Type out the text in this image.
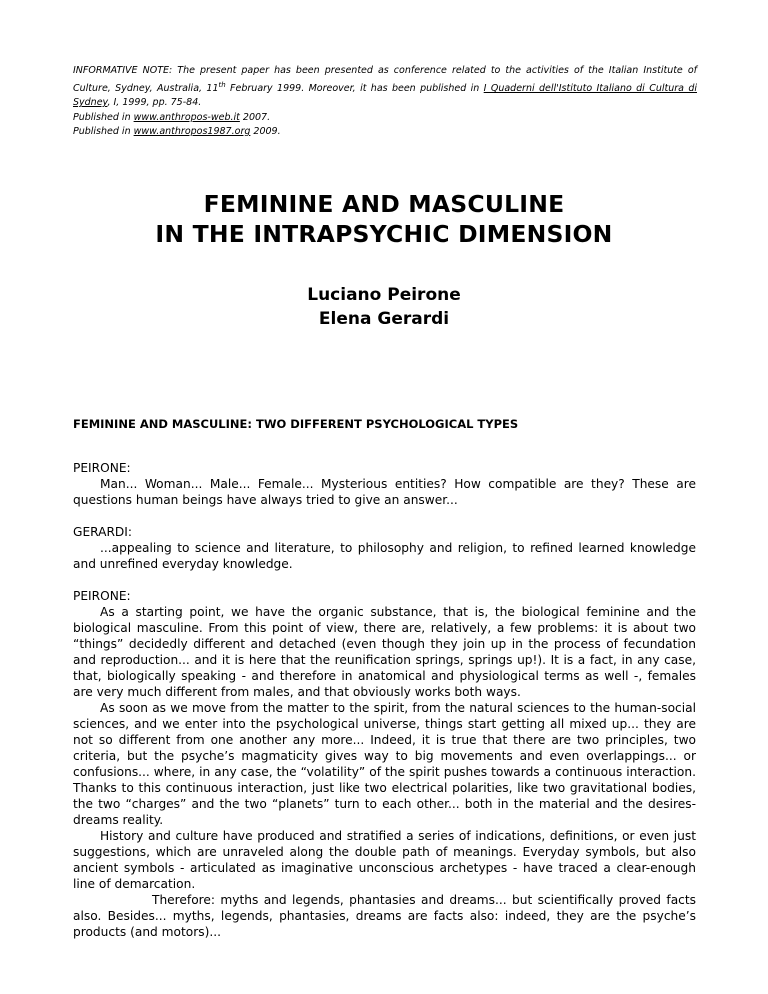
INFORMATIVE NOTE: The present paper has been presented as conference related to the activities of the Italian Institute of Culture, Sydney, Australia, 11th February 1999. Moreover, it has been published in I Quaderni dell'Istituto Italiano di Cultura di Sydney, I, 1999, pp. 75-84.
Published in www.anthropos-web.it 2007.
Published in www.anthropos1987.org 2009.
FEMININE AND MASCULINE
IN THE INTRAPSYCHIC DIMENSION
Luciano Peirone
Elena Gerardi
FEMININE AND MASCULINE: TWO DIFFERENT PSYCHOLOGICAL TYPES
PEIRONE:

Man... Woman... Male... Female... Mysterious entities? How compatible are they? These are questions human beings have always tried to give an answer...

GERARDI:

...appealing to science and literature, to philosophy and religion, to refined learned knowledge and unrefined everyday knowledge.

PEIRONE:

As a starting point, we have the organic substance, that is, the biological feminine and the biological masculine. From this point of view, there are, relatively, a few problems: it is about two “things” decidedly different and detached (even though they join up in the process of fecundation and reproduction... and it is here that the reunification springs, springs up!). It is a fact, in any case, that, biologically speaking - and therefore in anatomical and physiological terms as well -, females are very much different from males, and that obviously works both ways.

As soon as we move from the matter to the spirit, from the natural sciences to the human-social sciences, and we enter into the psychological universe, things start getting all mixed up... they are not so different from one another any more... Indeed, it is true that there are two principles, two criteria, but the psyche’s magmaticity gives way to big movements and even overlappings... or confusions... where, in any case, the “volatility” of the spirit pushes towards a continuous interaction. Thanks to this continuous interaction, just like two electrical polarities, like two gravitational bodies, the two “charges” and the two “planets” turn to each other... both in the material and the desires-dreams reality.

History and culture have produced and stratified a series of indications, definitions, or even just suggestions, which are unraveled along the double path of meanings. Everyday symbols, but also ancient symbols - articulated as imaginative unconscious archetypes - have traced a clear-enough line of demarcation.

Therefore: myths and legends, phantasies and dreams... but scientifically proved facts also. Besides... myths, legends, phantasies, dreams are facts also: indeed, they are the psyche’s products (and motors)...
